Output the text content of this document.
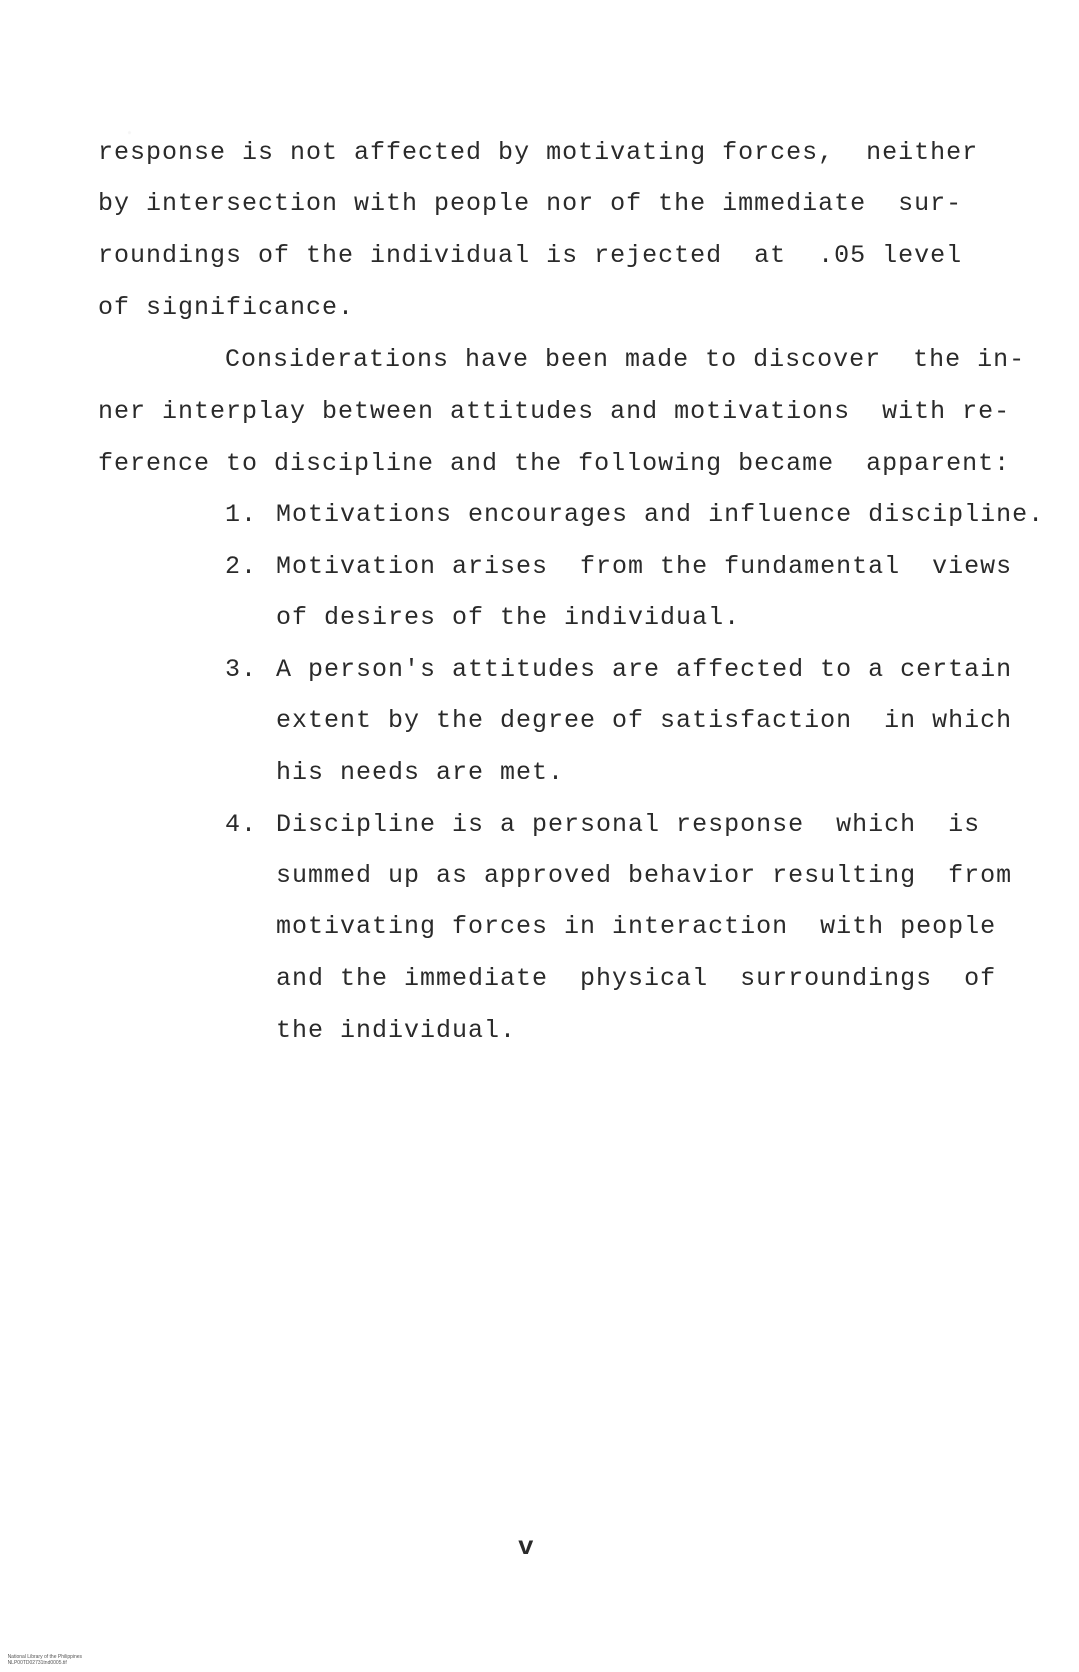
response is not affected by motivating forces,  neither
by intersection with people nor of the immediate  sur-
roundings of the individual is rejected  at  .05 level
of significance.
Considerations have been made to discover  the in-
ner interplay between attitudes and motivations  with re-
ference to discipline and the following became  apparent:
1. Motivations encourages and influence discipline.
2. Motivation arises  from the fundamental  views
of desires of the individual.
3. A person's attitudes are affected to a certain
extent by the degree of satisfaction  in which
his needs are met.
4. Discipline is a personal response  which  is
summed up as approved behavior resulting  from
motivating forces in interaction  with people
and the immediate  physical  surroundings  of
the individual.
v

National Library of the Philippines
NLP00TD02731tnd0005.tif
